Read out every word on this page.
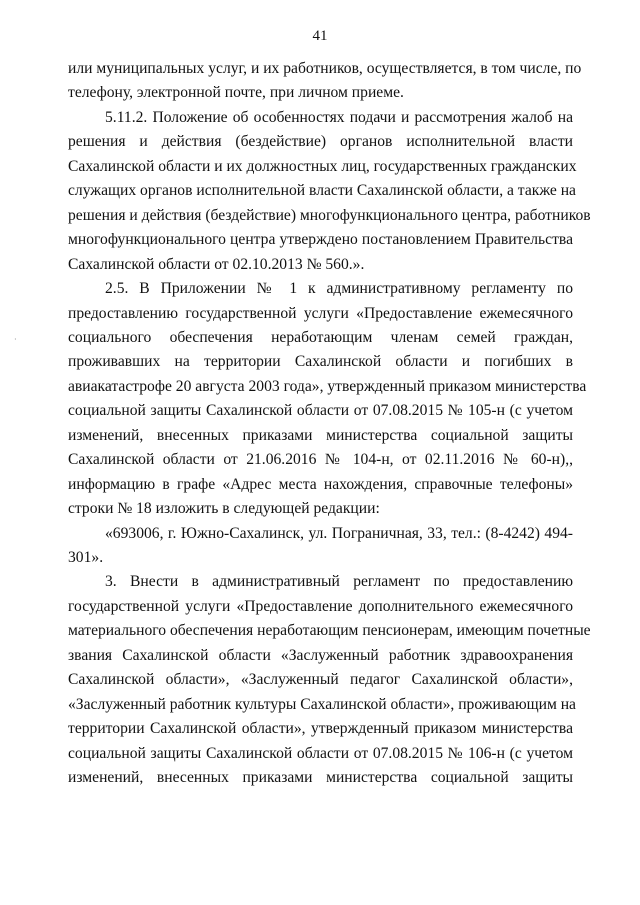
41
·
или муниципальных услуг, и их работников, осуществляется, в том числе, по
телефону, электронной почте, при личном приеме.
5.11.2. Положение об особенностях подачи и рассмотрения жалоб на
решения и действия (бездействие) органов исполнительной власти
Сахалинской области и их должностных лиц, государственных гражданских
служащих органов исполнительной власти Сахалинской области, а также на
решения и действия (бездействие) многофункционального центра, работников
многофункционального центра утверждено постановлением Правительства
Сахалинской области от 02.10.2013 № 560.».
2.5. В Приложении № 1 к административному регламенту по
предоставлению государственной услуги «Предоставление ежемесячного
социального обеспечения неработающим членам семей граждан,
проживавших на территории Сахалинской области и погибших в
авиакатастрофе 20 августа 2003 года», утвержденный приказом министерства
социальной защиты Сахалинской области от 07.08.2015 № 105-н (с учетом
изменений, внесенных приказами министерства социальной защиты
Сахалинской области от 21.06.2016 № 104-н, от 02.11.2016 № 60-н),,
информацию в графе «Адрес места нахождения, справочные телефоны»
строки № 18 изложить в следующей редакции:
«693006, г. Южно-Сахалинск, ул. Пограничная, 33, тел.: (8-4242) 494-
301».
3. Внести в административный регламент по предоставлению
государственной услуги «Предоставление дополнительного ежемесячного
материального обеспечения неработающим пенсионерам, имеющим почетные
звания Сахалинской области «Заслуженный работник здравоохранения
Сахалинской области», «Заслуженный педагог Сахалинской области»,
«Заслуженный работник культуры Сахалинской области», проживающим на
территории Сахалинской области», утвержденный приказом министерства
социальной защиты Сахалинской области от 07.08.2015 № 106-н (с учетом
изменений, внесенных приказами министерства социальной защиты
